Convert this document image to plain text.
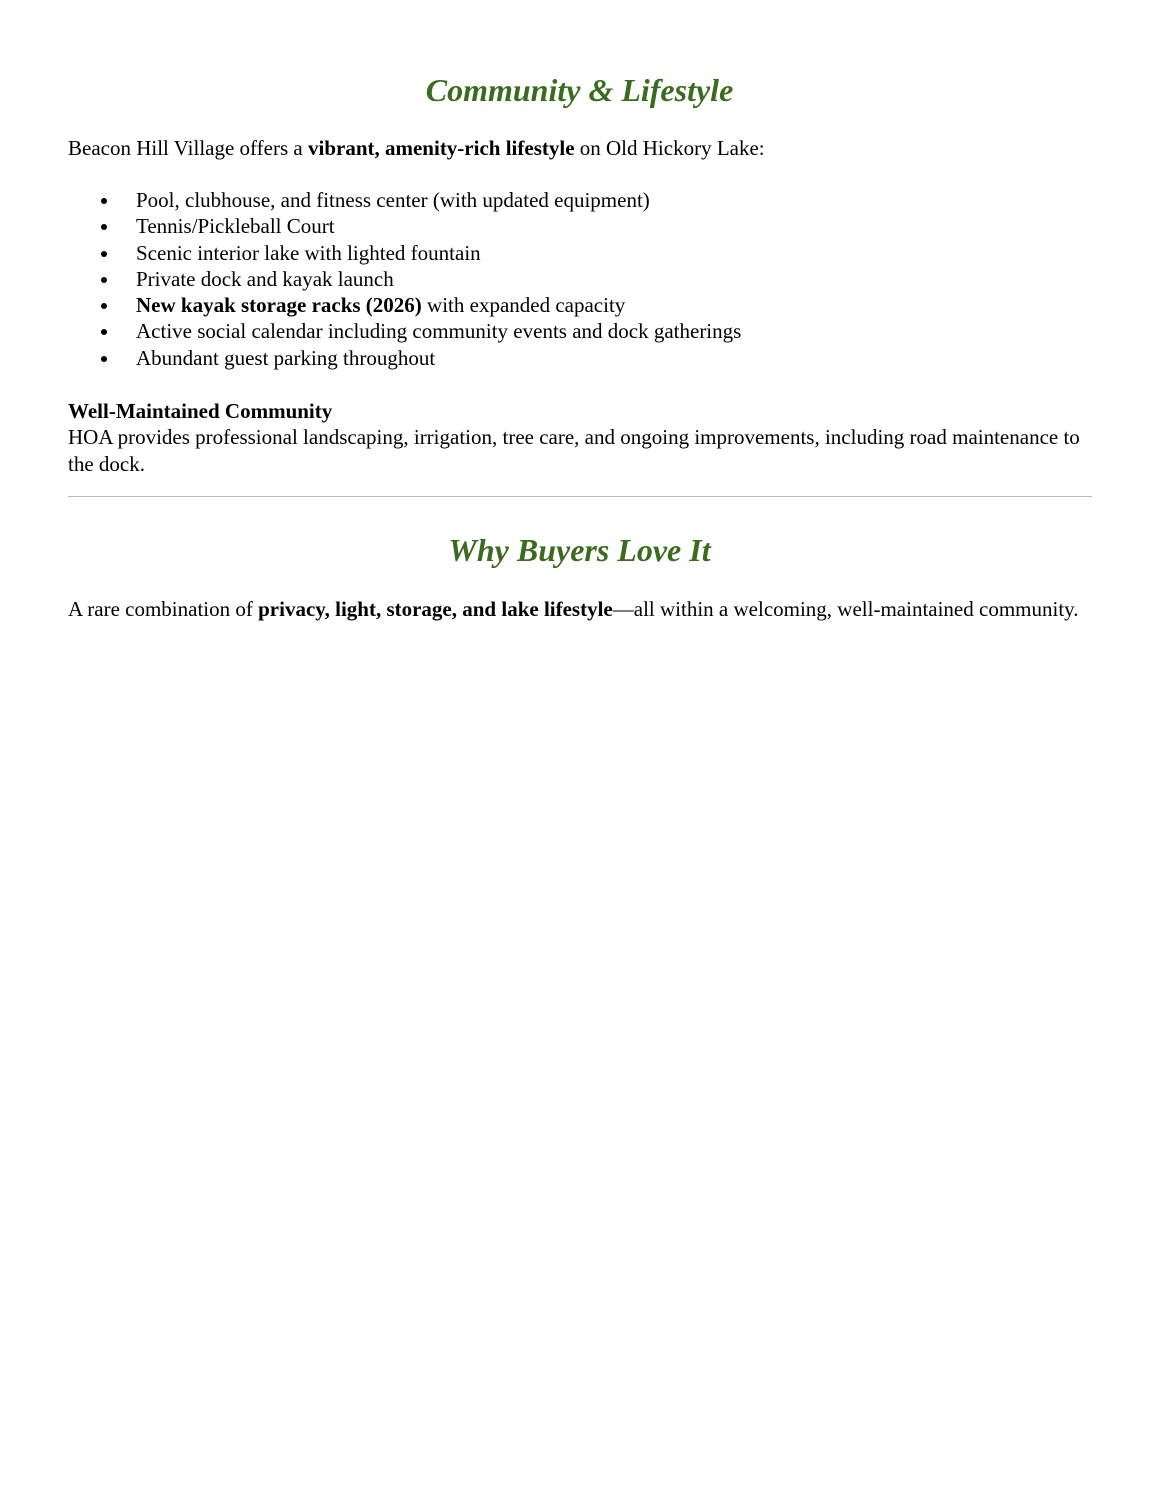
Community & Lifestyle

Beacon Hill Village offers a vibrant, amenity-rich lifestyle on Old Hickory Lake:

Pool, clubhouse, and fitness center (with updated equipment)
Tennis/Pickleball Court
Scenic interior lake with lighted fountain
Private dock and kayak launch
New kayak storage racks (2026) with expanded capacity
Active social calendar including community events and dock gatherings
Abundant guest parking throughout

Well-Maintained Community

HOA provides professional landscaping, irrigation, tree care, and ongoing improvements, including road maintenance to the dock.

Why Buyers Love It

A rare combination of privacy, light, storage, and lake lifestyle—all within a welcoming, well-maintained community.
